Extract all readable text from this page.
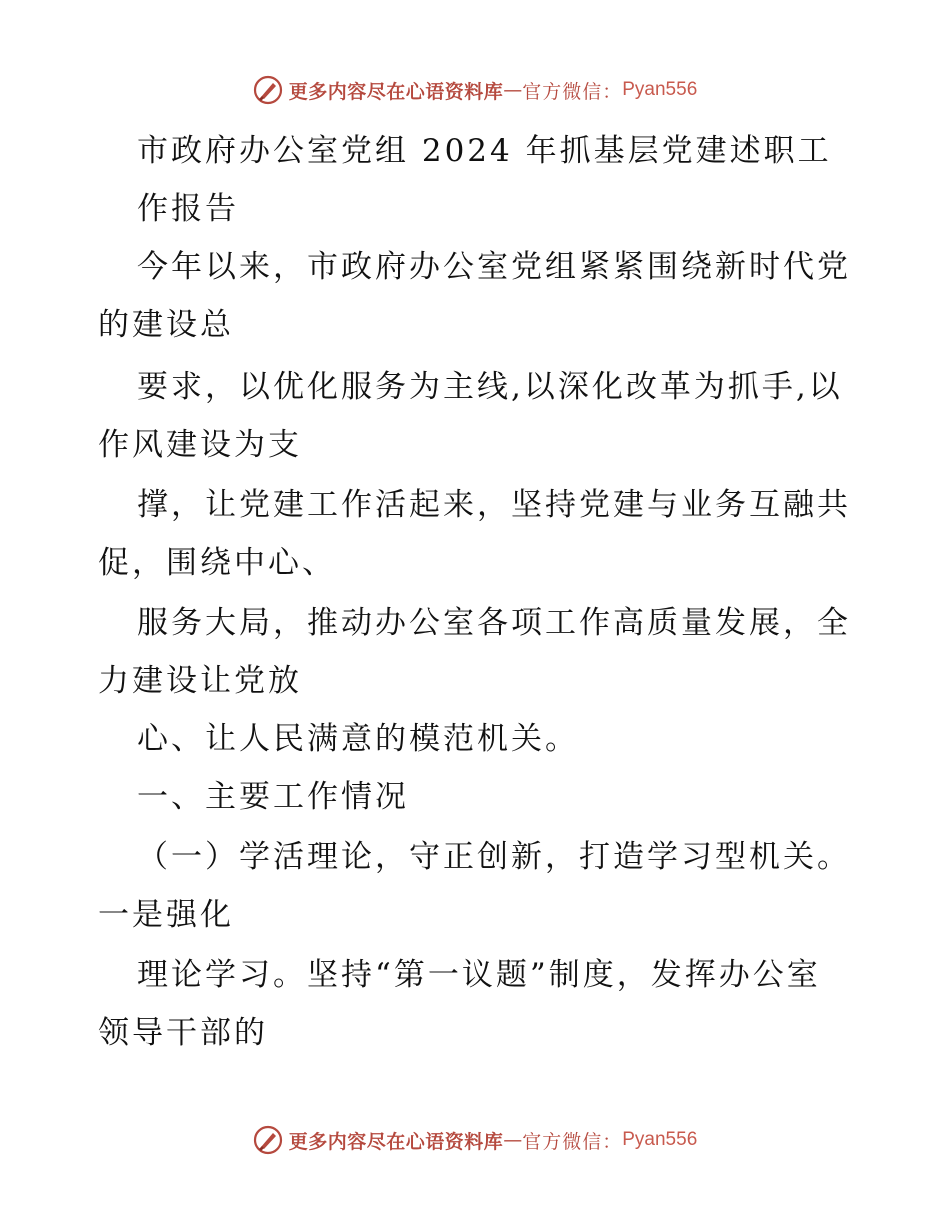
更多内容尽在心语资料库 — 官方微信： Pyan556
市政府办公室党组 2024 年抓基层党建述职工
作报告
今年以来，市政府办公室党组紧紧围绕新时代党
的建设总
要求，以优化服务为主线,以深化改革为抓手,以
作风建设为支
撑，让党建工作活起来，坚持党建与业务互融共
促，围绕中心、
服务大局，推动办公室各项工作高质量发展，全
力建设让党放
心、让人民满意的模范机关。
一、主要工作情况
（一）学活理论，守正创新，打造学习型机关。
一是强化
理论学习。坚持“第一议题”制度，发挥办公室
领导干部的
更多内容尽在心语资料库 — 官方微信： Pyan556
